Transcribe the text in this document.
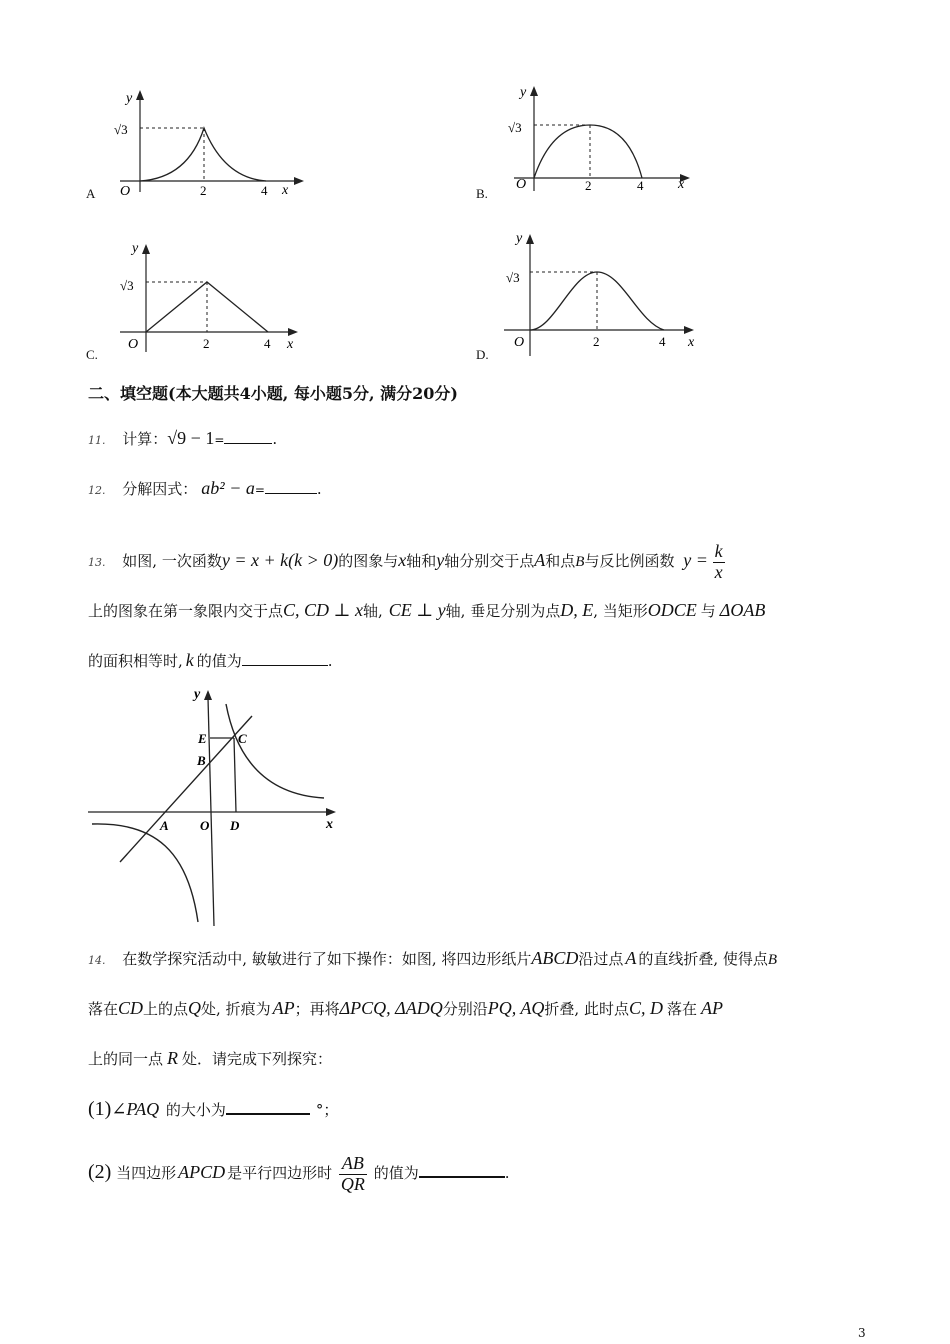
A
y
x
O
√3
2	4	B.
y
x
O
√3
2	4
C.
y
x
O
√3
2	4
D.
y
x
O
√3
2	4
二、填空题(本大题共4小题, 每小题5分, 满分20分)
11. 计算：√9 − 1=	.
12. 分解因式： ab² − a=	.
13. 如图, 一次函数y = x + k(k > 0)的图象与x轴和y轴分别交于点A和点B与反比例函数 $y = \frac{k}{x}$
上的图象在第一象限内交于点C, CD ⊥ x轴, CE ⊥ y轴, 垂足分别为点D, E, 当矩形ODCE 与 ΔOAB
的面积相等时, k 的值为	.
y
x
E C
B
A O D
14. 在数学探究活动中, 敏敏进行了如下操作：如图, 将四边形纸片ABCD沿过点 A 的直线折叠, 使得点B
落在CD上的点Q处, 折痕为 AP；再将ΔPCQ, ΔADQ分别沿PQ, AQ折叠, 此时点C, D 落在 AP
上的同一点 R 处．请完成下列探究：
(1)∠PAQ 的大小为	°；
(2) 当四边形 APCD 是平行四边形时 $\frac{AB}{QR}$ 的值为	.
3
